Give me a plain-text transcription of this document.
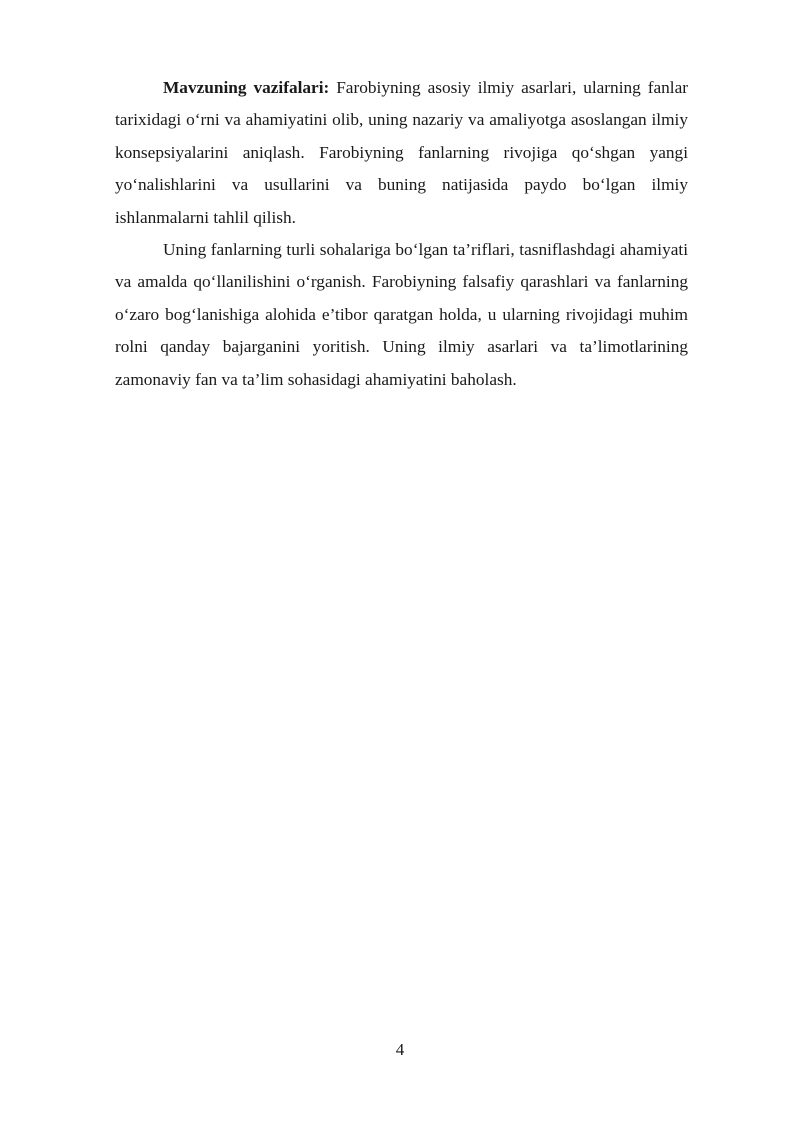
Mavzuning vazifalari: Farobiyning asosiy ilmiy asarlari, ularning fanlar tarixidagi o‘rni va ahamiyatini olib, uning nazariy va amaliyotga asoslangan ilmiy konsepsiyalarini aniqlash. Farobiyning fanlarning rivojiga qo‘shgan yangi yo‘nalishlarini va usullarini va buning natijasida paydo bo‘lgan ilmiy ishlanmalarni tahlil qilish.

Uning fanlarning turli sohalariga bo‘lgan ta’riflari, tasniflashdagi ahamiyati va amalda qo‘llanilishini o‘rganish. Farobiyning falsafiy qarashlari va fanlarning o‘zaro bog‘lanishiga alohida e’tibor qaratgan holda, u ularning rivojidagi muhim rolni qanday bajarganini yoritish. Uning ilmiy asarlari va ta’limotlarining zamonaviy fan va ta’lim sohasidagi ahamiyatini baholash.

4
